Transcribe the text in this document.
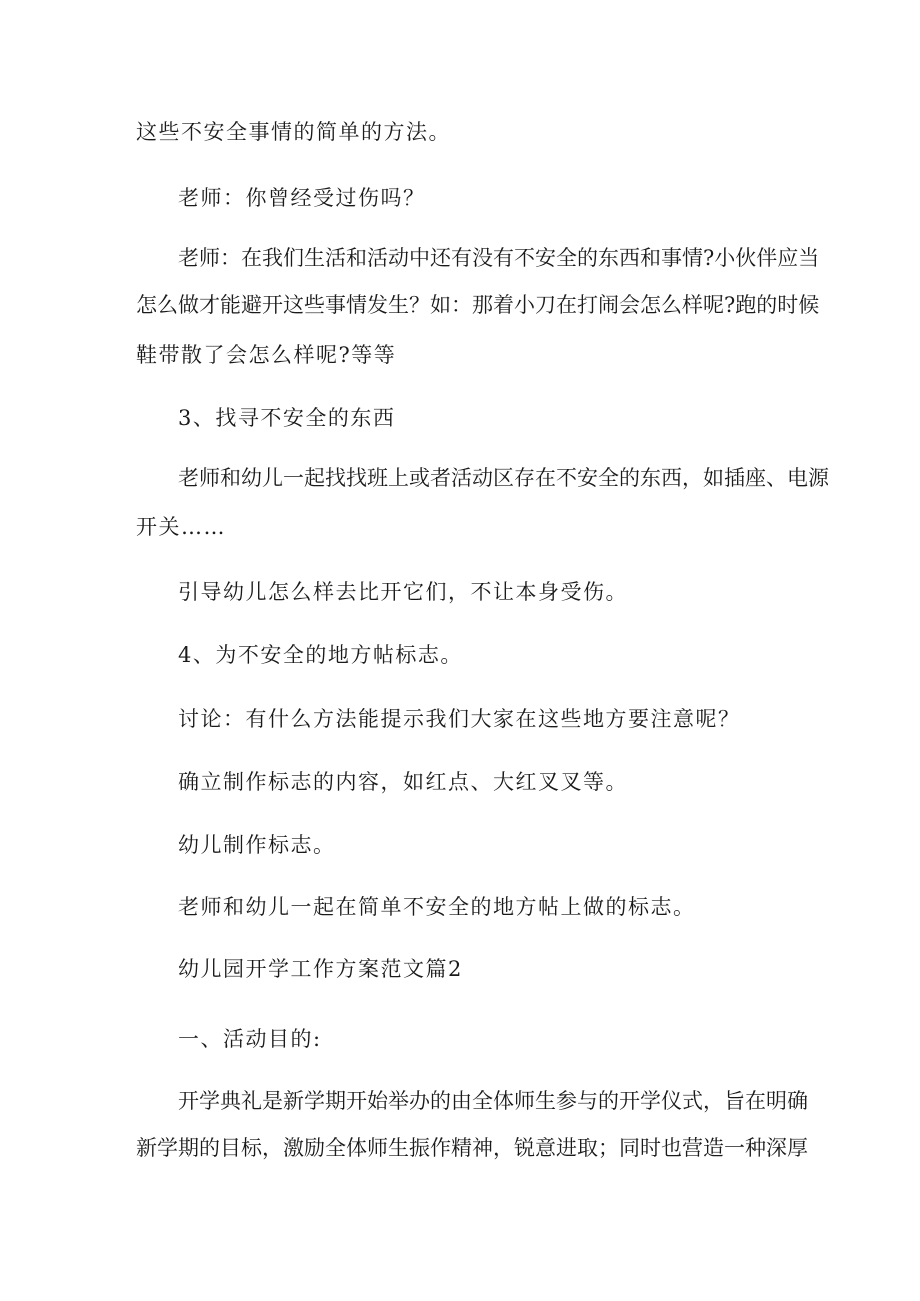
这些不安全事情的简单的方法。
老师：你曾经受过伤吗？
老师：在我们生活和活动中还有没有不安全的东西和事情?小伙伴应当
怎么做才能避开这些事情发生？如：那着小刀在打闹会怎么样呢?跑的时候
鞋带散了会怎么样呢?等等
3、找寻不安全的东西
老师和幼儿一起找找班上或者活动区存在不安全的东西，如插座、电源
开关……
引导幼儿怎么样去比开它们，不让本身受伤。
4、为不安全的地方帖标志。
讨论：有什么方法能提示我们大家在这些地方要注意呢？
确立制作标志的内容，如红点、大红叉叉等。
幼儿制作标志。
老师和幼儿一起在简单不安全的地方帖上做的标志。
幼儿园开学工作方案范文篇2
一、活动目的:
开学典礼是新学期开始举办的由全体师生参与的开学仪式，旨在明确
新学期的目标，激励全体师生振作精神，锐意进取；同时也营造一种深厚
